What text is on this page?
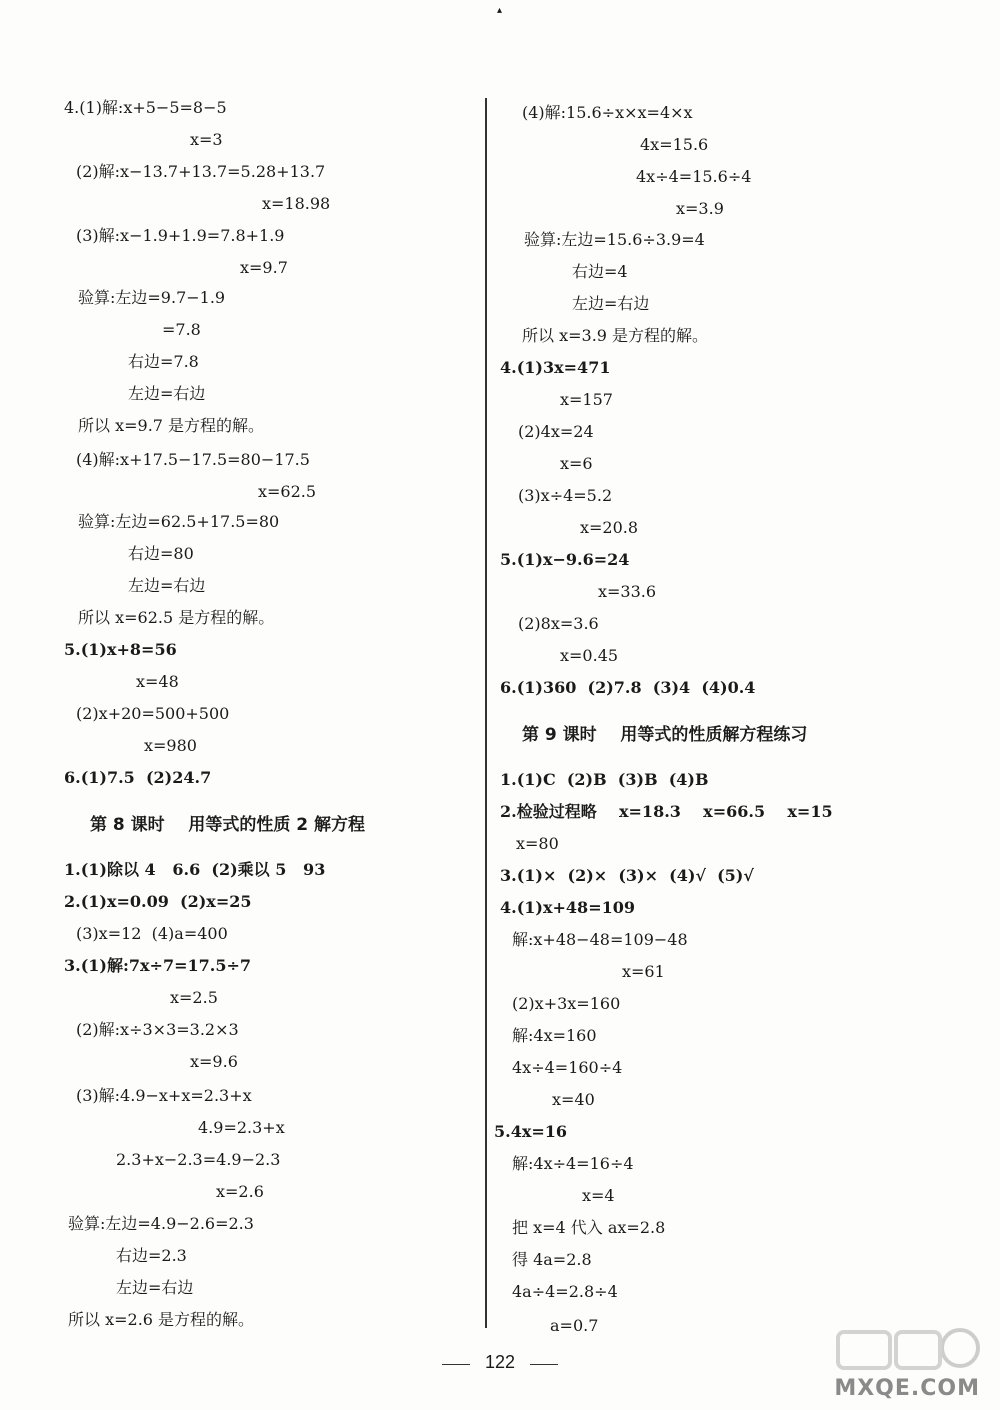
▴
4.(1)解:x+5−5=8−5
x=3
(2)解:x−13.7+13.7=5.28+13.7
x=18.98
(3)解:x−1.9+1.9=7.8+1.9
x=9.7
验算:左边=9.7−1.9
=7.8
右边=7.8
左边=右边
所以 x=9.7 是方程的解。
(4)解:x+17.5−17.5=80−17.5
x=62.5
验算:左边=62.5+17.5=80
右边=80
左边=右边
所以 x=62.5 是方程的解。
5.(1)x+8=56
x=48
(2)x+20=500+500
x=980
6.(1)7.5  (2)24.7
第 8 课时    用等式的性质 2 解方程
1.(1)除以 4   6.6  (2)乘以 5   93
2.(1)x=0.09  (2)x=25
(3)x=12  (4)a=400
3.(1)解:7x÷7=17.5÷7
x=2.5
(2)解:x÷3×3=3.2×3
x=9.6
(3)解:4.9−x+x=2.3+x
4.9=2.3+x
2.3+x−2.3=4.9−2.3
x=2.6
验算:左边=4.9−2.6=2.3
右边=2.3
左边=右边
所以 x=2.6 是方程的解。
(4)解:15.6÷x×x=4×x
4x=15.6
4x÷4=15.6÷4
x=3.9
验算:左边=15.6÷3.9=4
右边=4
左边=右边
所以 x=3.9 是方程的解。
4.(1)3x=471
x=157
(2)4x=24
x=6
(3)x÷4=5.2
x=20.8
5.(1)x−9.6=24
x=33.6
(2)8x=3.6
x=0.45
6.(1)360  (2)7.8  (3)4  (4)0.4
第 9 课时    用等式的性质解方程练习
1.(1)C  (2)B  (3)B  (4)B
2.检验过程略    x=18.3    x=66.5    x=15
x=80
3.(1)×  (2)×  (3)×  (4)√  (5)√
4.(1)x+48=109
解:x+48−48=109−48
x=61
(2)x+3x=160
解:4x=160
4x÷4=160÷4
x=40
5.4x=16
解:4x÷4=16÷4
x=4
把 x=4 代入 ax=2.8
得 4a=2.8
4a÷4=2.8÷4
a=0.7
122
MXQE.COM
